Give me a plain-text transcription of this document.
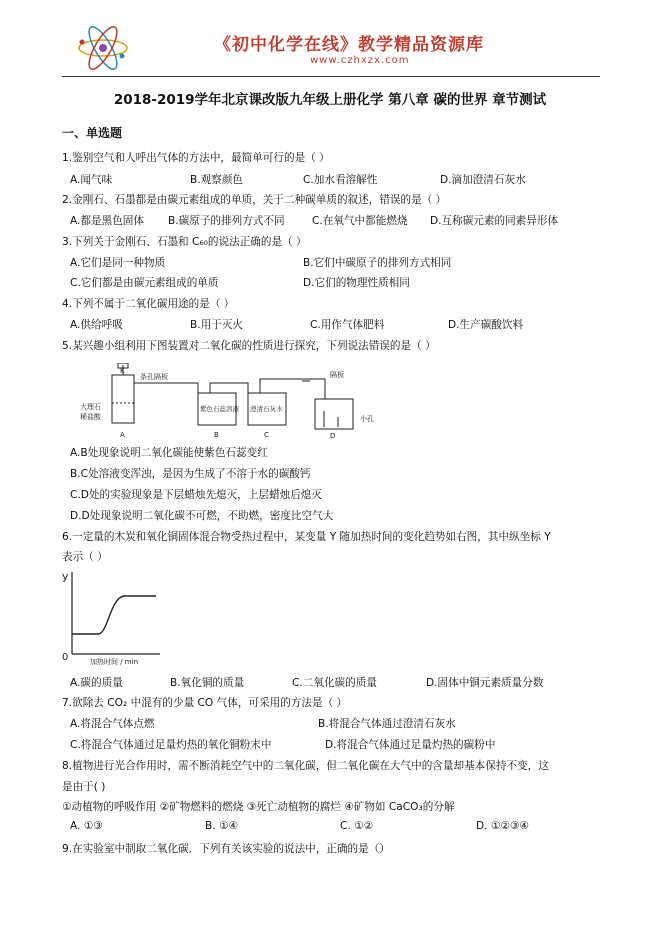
《初中化学在线》教学精品资源库
www.czhxzx.com
2018-2019学年北京课改版九年级上册化学 第八章 碳的世界 章节测试
一、单选题
1.鉴别空气和人呼出气体的方法中，最简单可行的是（ ）
A.闻气味	B.观察颜色	C.加水看溶解性	D.滴加澄清石灰水
2.金刚石、石墨都是由碳元素组成的单质，关于二种碳单质的叙述，错误的是（ ）
A.都是黑色固体 B.碳原子的排列方式不同	C.在氧气中都能燃烧 D.互称碳元素的同素异形体
3.下列关于金刚石、石墨和 C₆₀的说法正确的是（ ）
A.它们是同一种物质	B.它们中碳原子的排列方式相同
C.它们都是由碳元素组成的单质	D.它们的物理性质相同
4.下列不属于二氧化碳用途的是（ ）
A.供给呼吸	B.用于灭火	C.用作气体肥料	D.生产碳酸饮料
5.某兴趣小组利用下图装置对二氧化碳的性质进行探究，下列说法错误的是（ ）
K
条孔隔板
大理石
稀盐酸
紫色石蕊溶液 澄清石灰水
隔板
小孔
A	B	C	D
A.B处现象说明二氧化碳能使紫色石蕊变红
B.C处溶液变浑浊，是因为生成了不溶于水的碳酸钙
C.D处的实验现象是下层蜡烛先熄灭，上层蜡烛后熄灭
D.D处现象说明二氧化碳不可燃，不助燃，密度比空气大
6.一定量的木炭和氧化铜固体混合物受热过程中，某变量 Y 随加热时间的变化趋势如右图，其中纵坐标 Y
表示（ ）
y
0	加热时间 / min
A.碳的质量	B.氧化铜的质量	C.二氧化碳的质量	D.固体中铜元素质量分数
7.欲除去 CO₂ 中混有的少量 CO 气体，可采用的方法是（ ）
A.将混合气体点燃	B.将混合气体通过澄清石灰水
C.将混合气体通过足量灼热的氧化铜粉末中	D.将混合气体通过足量灼热的碳粉中
8.植物进行光合作用时，需不断消耗空气中的二氧化碳，但二氧化碳在大气中的含量却基本保持不变，这
是由于( )
①动植物的呼吸作用 ②矿物燃料的燃烧 ③死亡动植物的腐烂 ④矿物如 CaCO₃的分解
A. ①③	B. ①④	C. ①②	D. ①②③④
9.在实验室中制取二氧化碳．下列有关该实验的说法中，正确的是（）
